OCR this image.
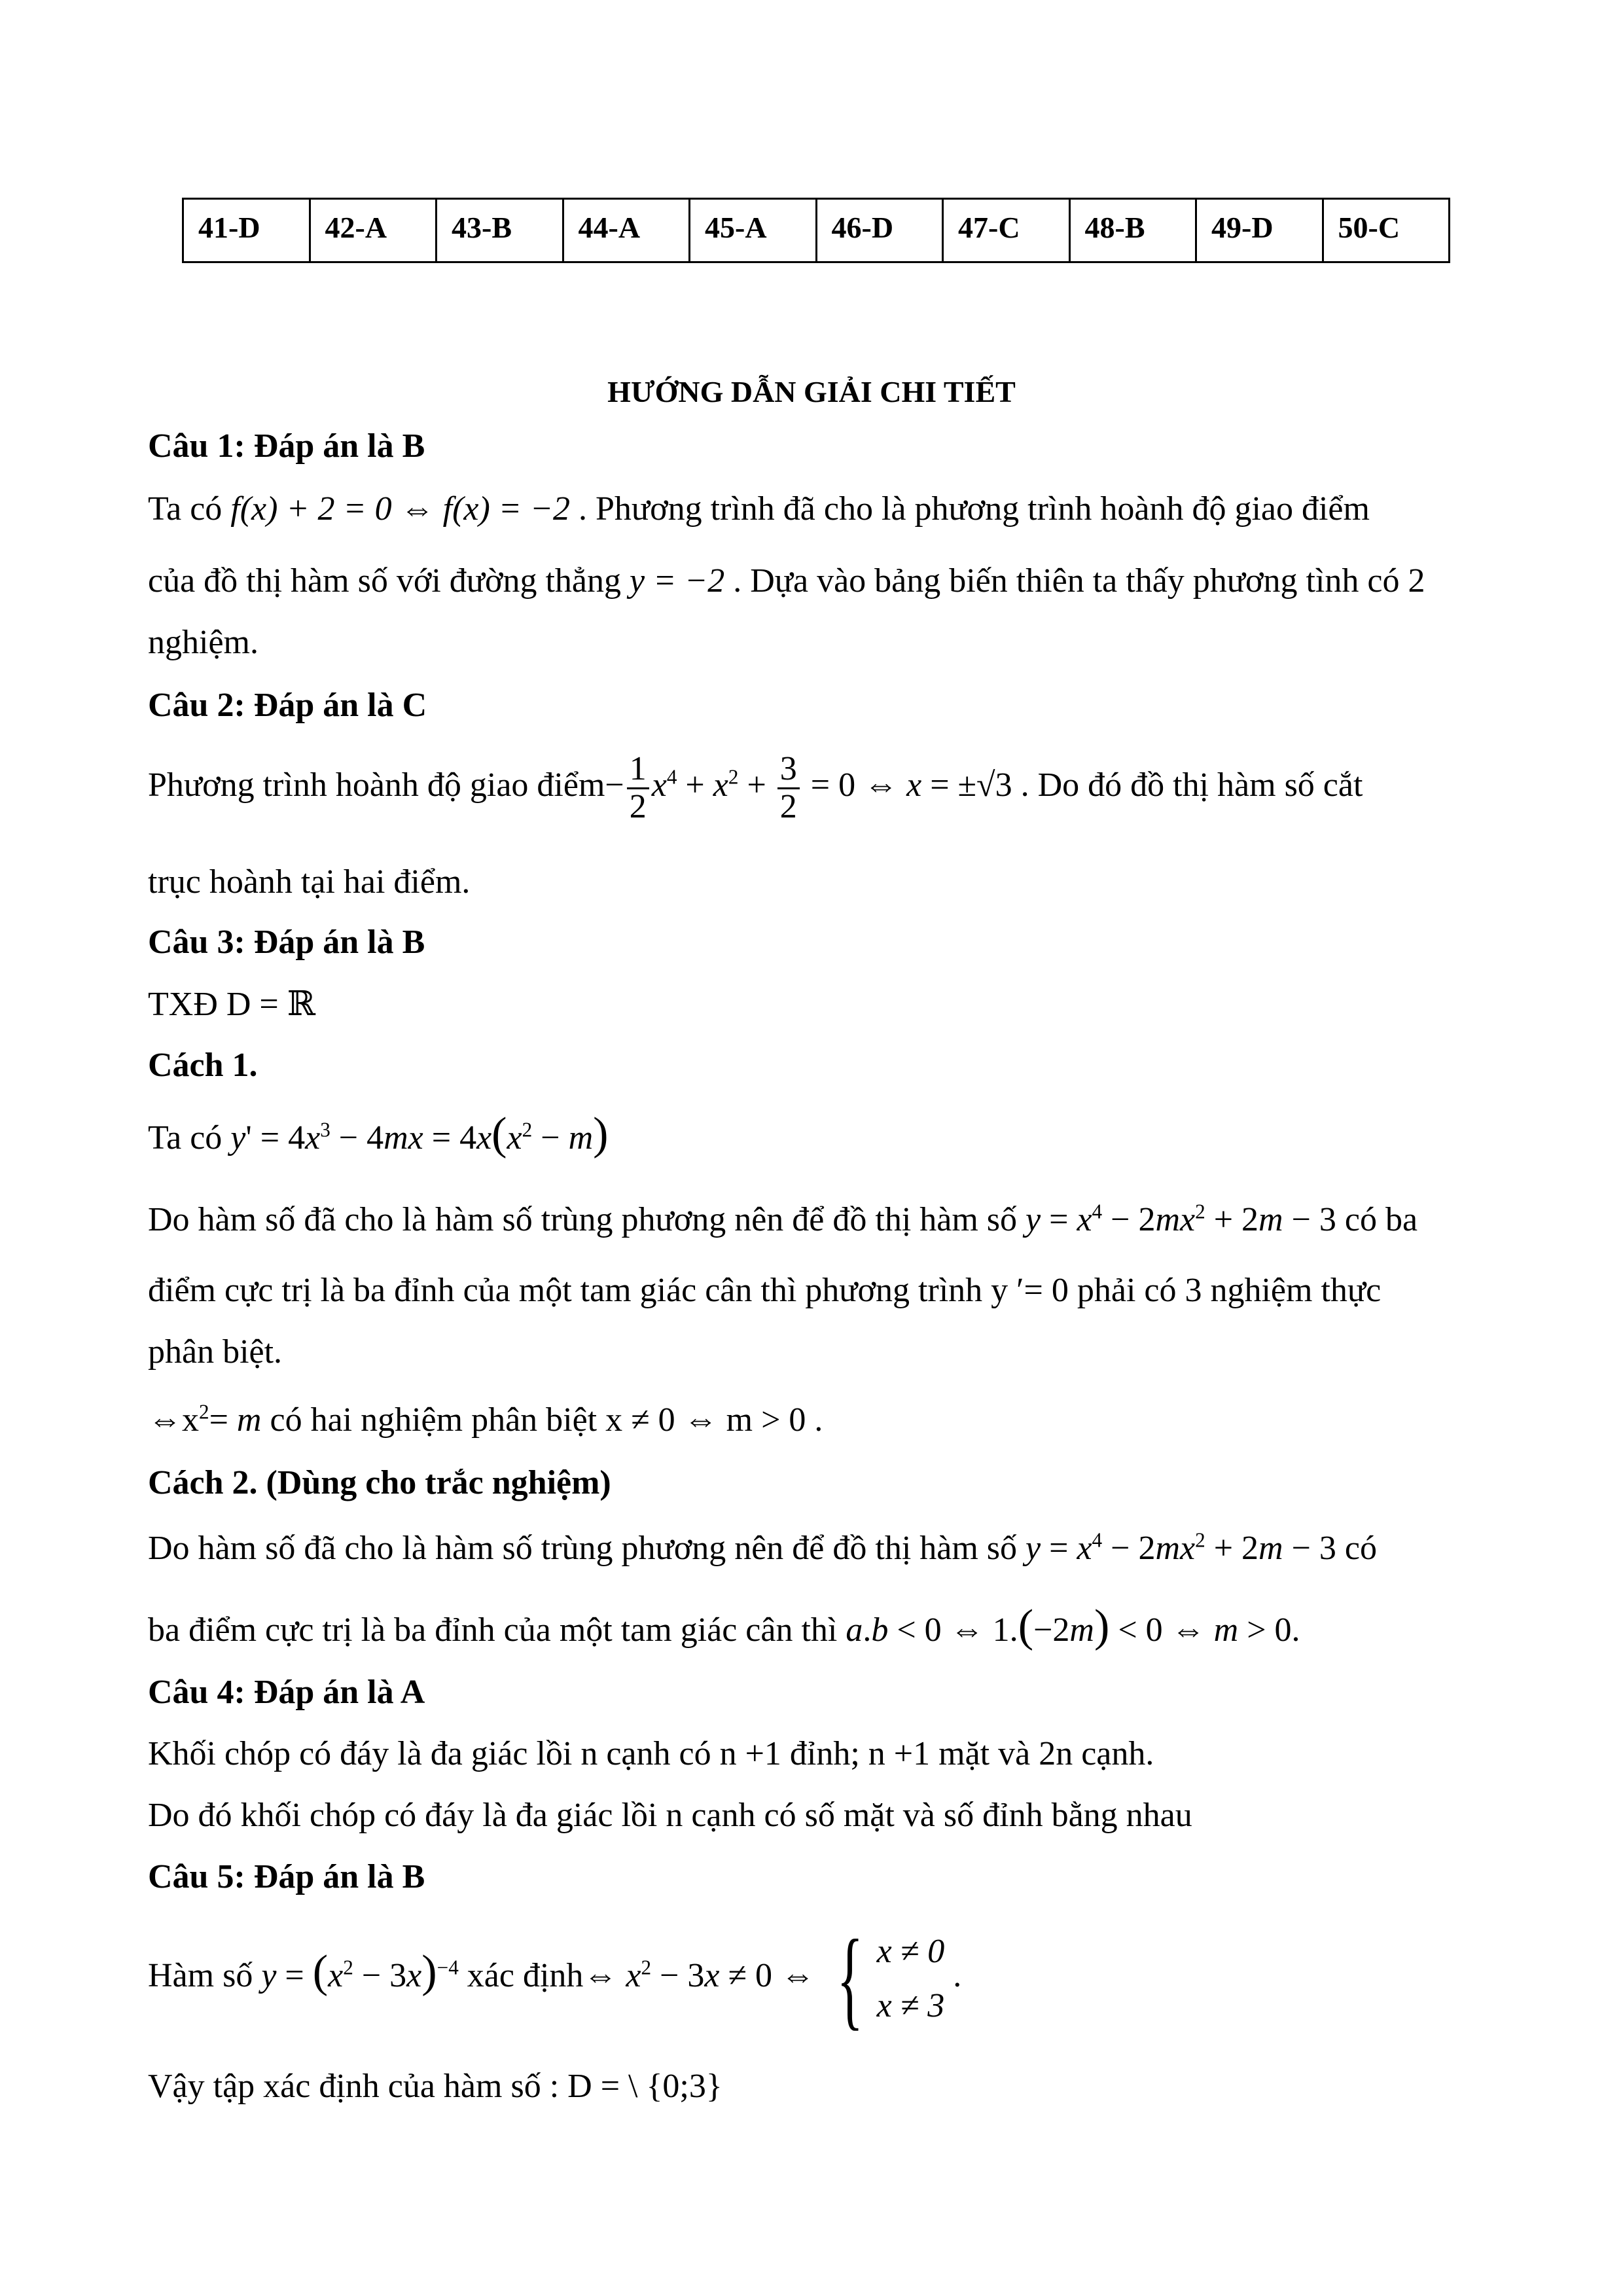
41-D	42-A	43-B	44-A	45-A	46-D	47-C	48-B	49-D	50-C
HƯỚNG DẪN GIẢI CHI TIẾT
Câu 1: Đáp án là B
Ta có f(x) + 2 = 0 ⇔ f(x) = −2 . Phương trình đã cho là phương trình hoành độ giao điểm
của đồ thị hàm số với đường thẳng y = −2 . Dựa vào bảng biến thiên ta thấy phương tình có 2
nghiệm.
Câu 2: Đáp án là C
Phương trình hoành độ giao điểm− $\frac{1}{2} x^4 + x^2 + \frac{3}{2} = 0$ ⇔ x = ±√3 . Do đó đồ thị hàm số cắt
trục hoành tại hai điểm.
Câu 3: Đáp án là B
TXĐ D = ℝ
Cách 1.
Ta có $y' = 4x^3 - 4mx = 4x(x^2 - m)$
Do hàm số đã cho là hàm số trùng phương nên để đồ thị hàm số $y = x^4 - 2mx^2 + 2m - 3$ có ba
điểm cực trị là ba đỉnh của một tam giác cân thì phương trình y ′= 0 phải có 3 nghiệm thực
phân biệt.
$\Leftrightarrow x^2= m$ có hai nghiệm phân biệt x ≠ 0 ⇔ m > 0 .
Cách 2. (Dùng cho trắc nghiệm)
Do hàm số đã cho là hàm số trùng phương nên để đồ thị hàm số $y = x^4 - 2mx^2 + 2m - 3$ có
ba điểm cực trị là ba đỉnh của một tam giác cân thì a.b < 0 ⇔ 1.(−2m) < 0 ⇔ m > 0.
Câu 4: Đáp án là A
Khối chóp có đáy là đa giác lồi n cạnh có n +1 đỉnh; n +1 mặt và 2n cạnh.
Do đó khối chóp có đáy là đa giác lồi n cạnh có số mặt và số đỉnh bằng nhau
Câu 5: Đáp án là B
Hàm số $y = (x^2 - 3x)^{-4}$ xác định⇔ $x^2 - 3x \ne 0$ ⇔ { x ≠ 0
x ≠ 3
.
Vậy tập xác định của hàm số : D = \ {0;3}
